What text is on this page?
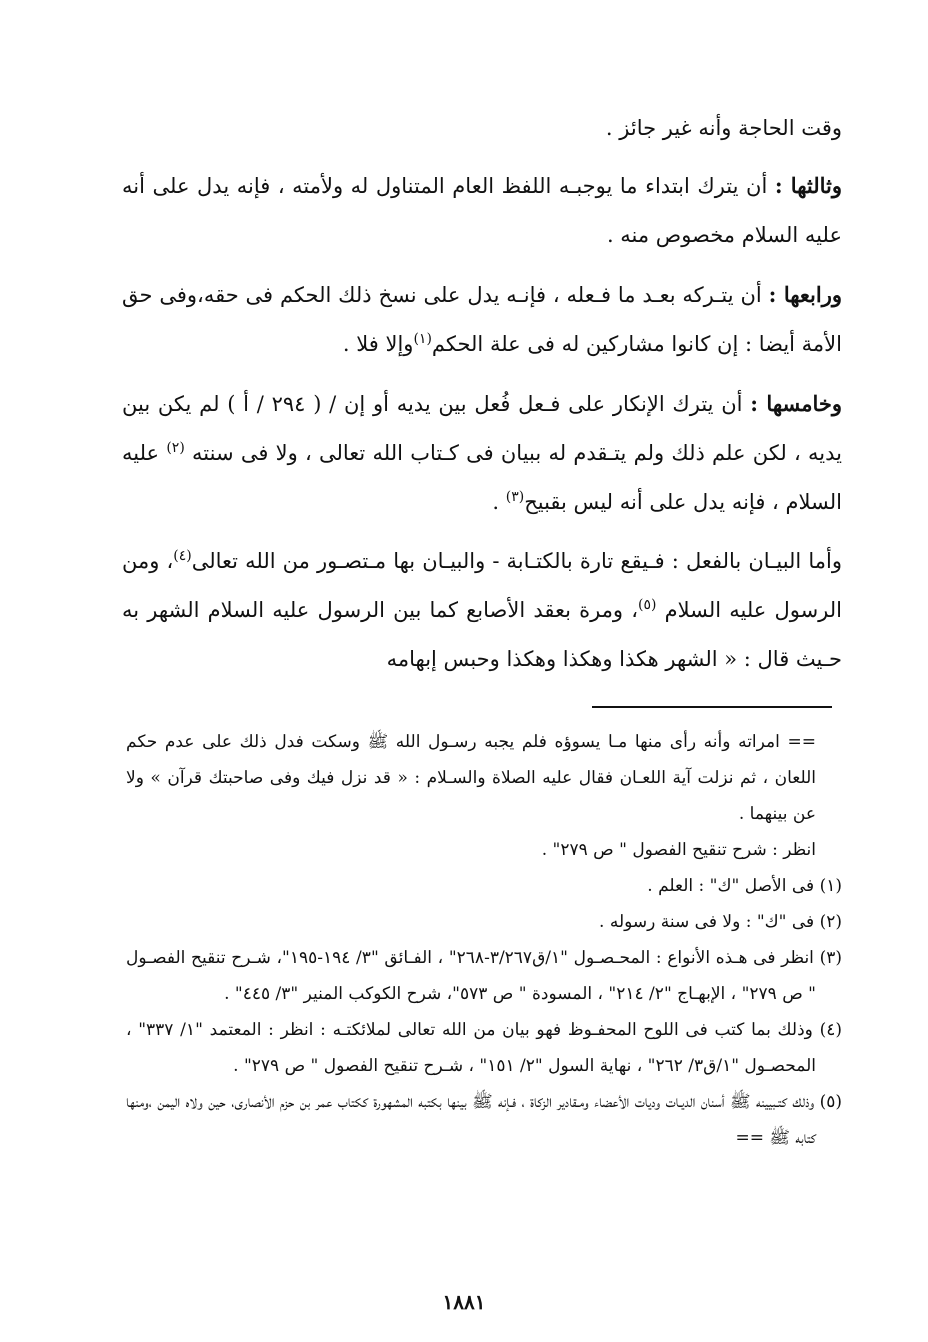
وقت الحاجة وأنه غير جائز .

وثالثها : أن يترك ابتداء ما يوجبـه اللفظ العام المتناول له ولأمته ، فإنه يدل على أنه عليه السلام مخصوص منه .

ورابعها : أن يتـركه بعـد ما فـعله ، فإنـه يدل على نسخ ذلك الحكم فى حقه،وفى حق الأمة أيضا : إن كانوا مشاركين له فى علة الحكم$^{(١)}$وإلا فلا .

وخامسها : أن يترك الإنكار على فـعل فُعل بين يديه أو إن / ( ٢٩٤ / أ ) لم يكن بين يديه ، لكن علم ذلك ولم يتـقدم له ببيان فى كـتاب الله تعالى ، ولا فى سنته $^{(٢)}$ عليه السلام ، فإنه يدل على أنه ليس بقبيح$^{(٣)}$ .

وأما البيـان بالفعل : فـيقع تارة بالكتـابة - والبيـان بها مـتصـور من الله تعالى$^{(٤)}$، ومن الرسول عليه السلام $^{(٥)}$، ومرة بعقد الأصابع كما بين الرسول عليه السلام الشهر به حـيث قال : « الشهر هكذا وهكذا وهكذا وحبس إبهامه

== امراته وأنه رأى منها مـا يسوؤه فلم يجبه رسـول الله ﷺ وسكت فدل ذلك على عدم حكم اللعان ، ثم نزلت آية اللعـان فقال عليه الصلاة والسـلام : « قد نزل فيك وفى صاحبتك قرآن » ولا عن بينهما .

انظر : شرح تنقيح الفصول " ص ٢٧٩" .

(١) فى الأصل "ك" : العلم .

(٢) فى "ك" : ولا فى سنة رسوله .

(٣) انظر فى هـذه الأنواع : المحـصـول "١/ق٣/٢٦٧-٢٦٨" ، الفـائق "٣/ ١٩٤-١٩٥"، شـرح تنقيح الفصـول " ص ٢٧٩" ، الإبهـاج "٢/ ٢١٤" ، المسودة " ص ٥٧٣"، شرح الكوكب المنير "٣/ ٤٤٥" .

(٤) وذلك بما كتب فى اللوح المحفـوظ فهو بيان من الله تعالى لملائكتـه : انظر : المعتمد "١/ ٣٣٧" ، المحصـول "١/ق٣/ ٢٦٢" ، نهاية السول "٢/ ١٥١" ، شـرح تنقيح الفصول " ص ٢٧٩" .

(٥) وذلك كتـبيينه ﷺ أسنان الديـات وديات الأعضاء ومـقادير الزكاة ، فـإنه ﷺ بينها بكتبه المشهورة ككتاب عمر بن حزم الأنصارى، حين ولاه اليمن ،ومنها كتابه ﷺ ==

١٨٨١
